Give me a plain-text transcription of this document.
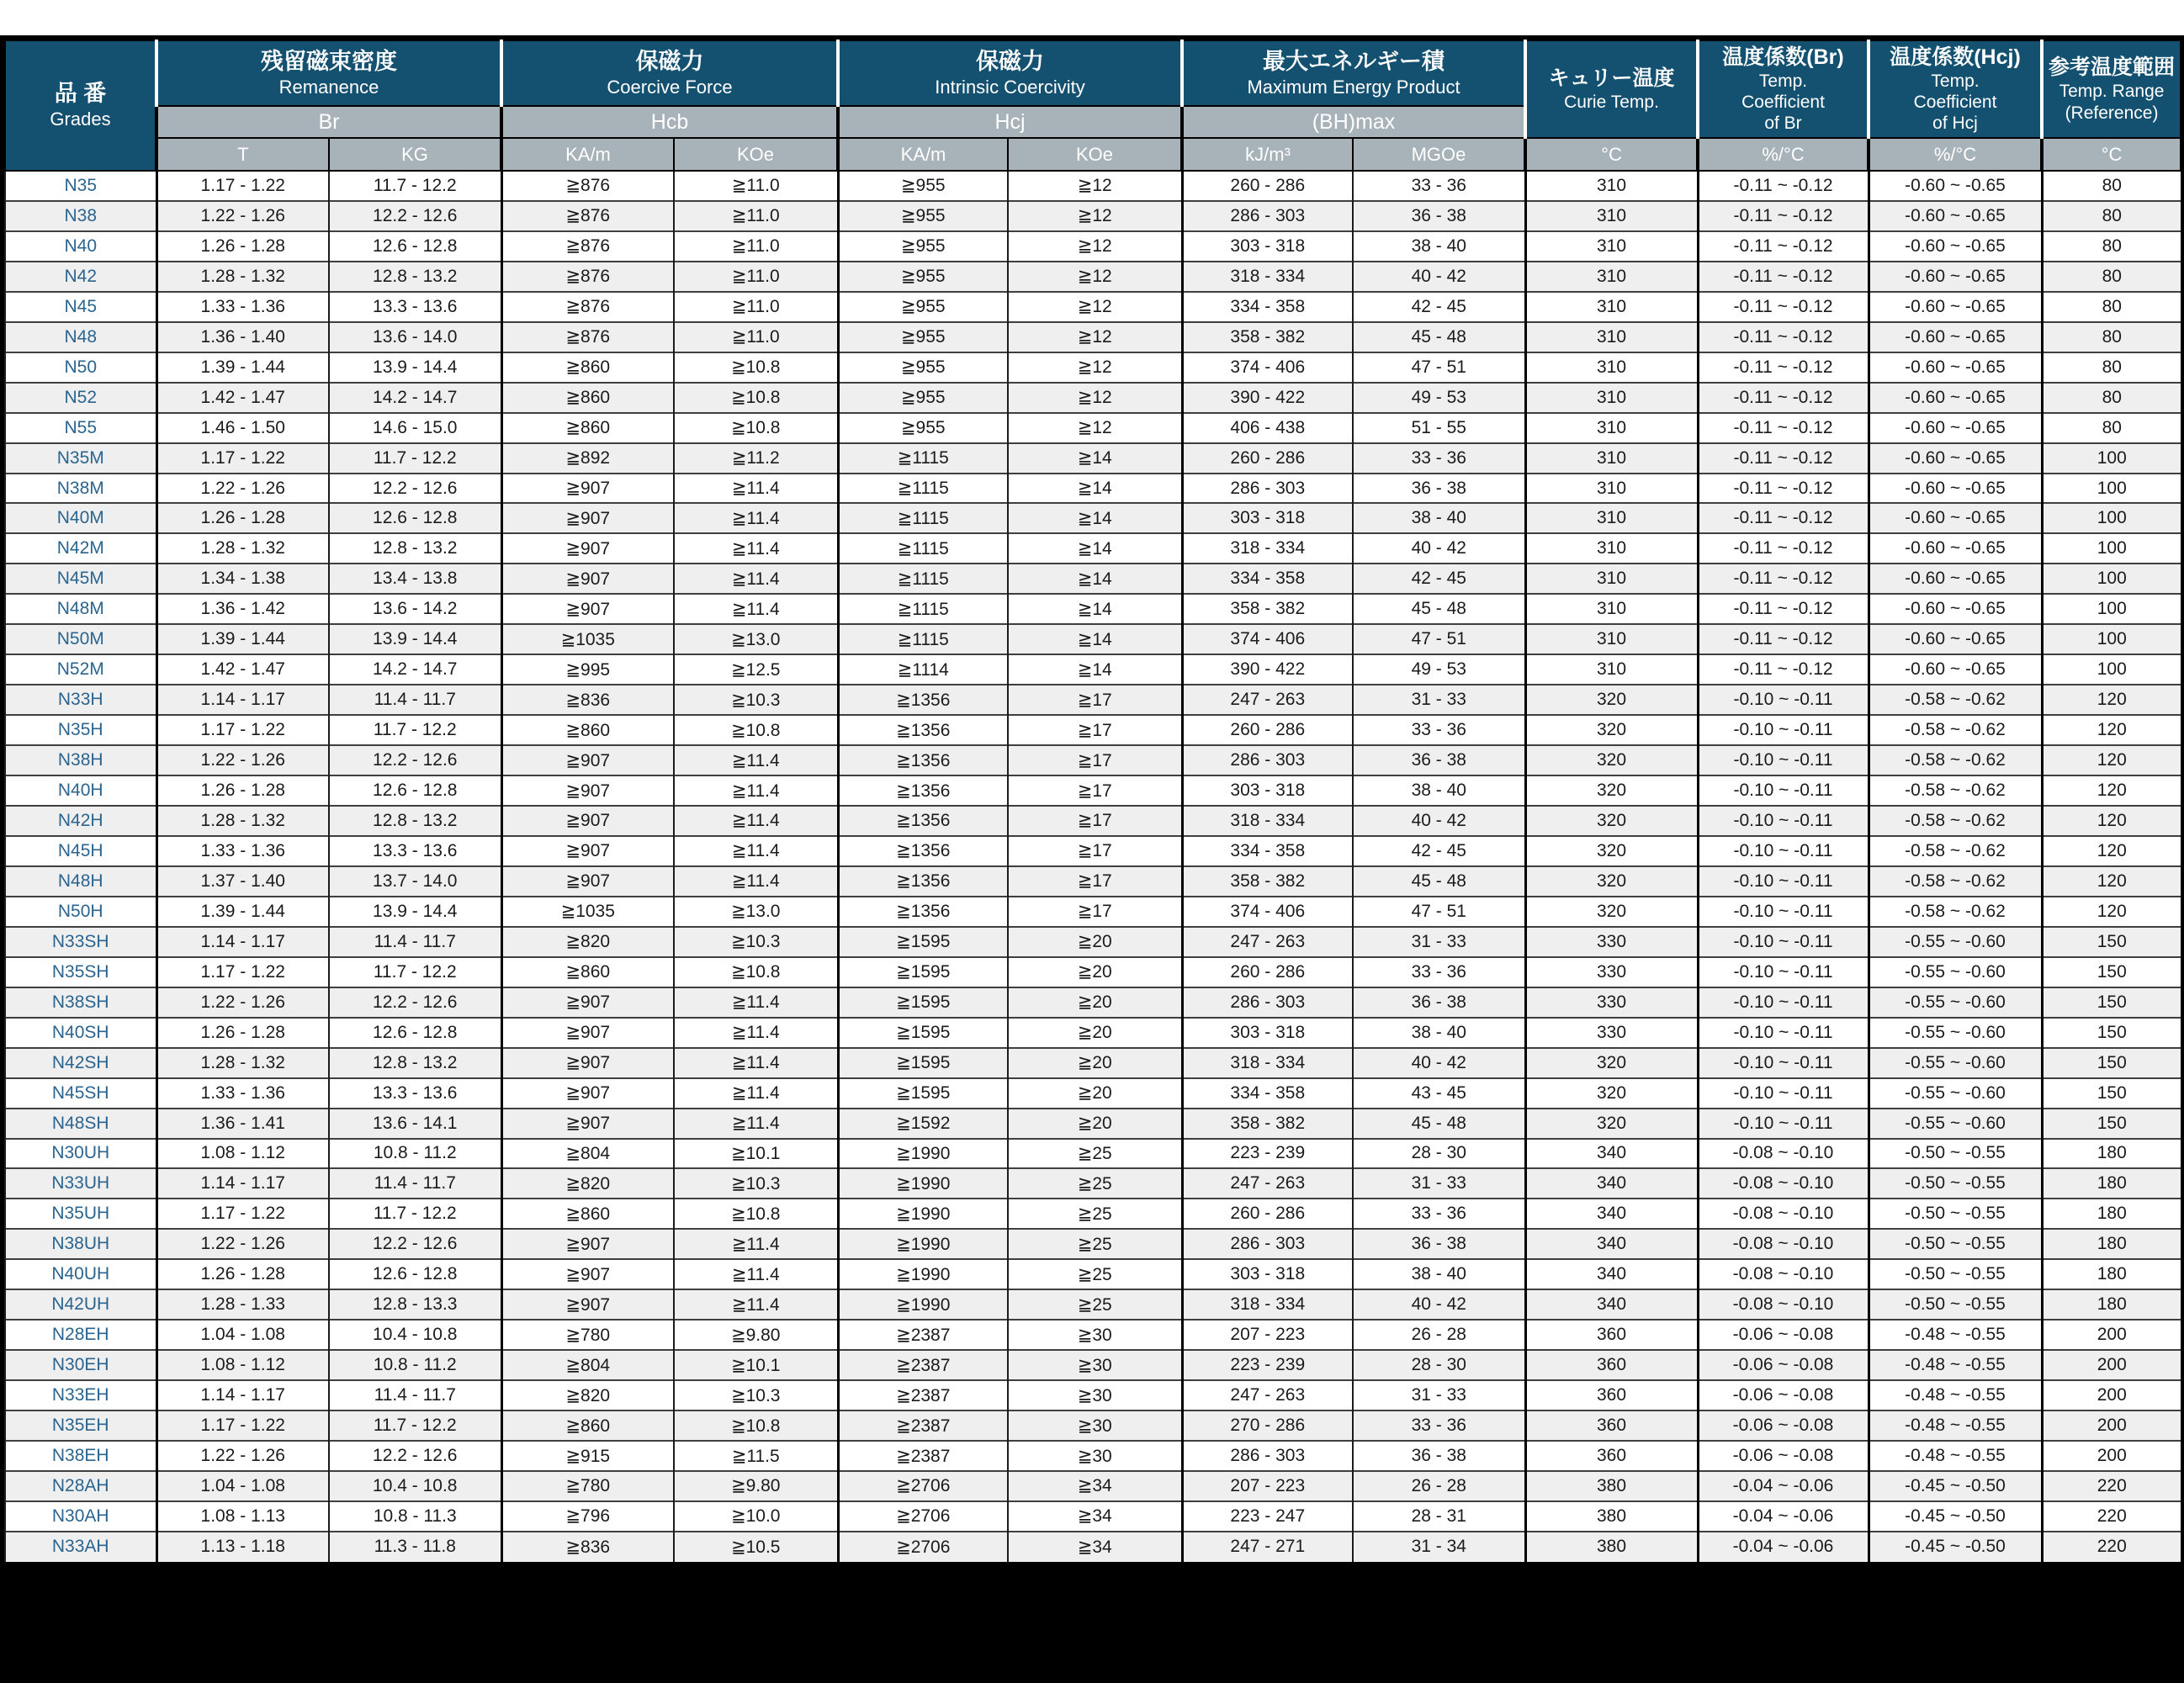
品 番
Grades	残留磁束密度
Remanence		保磁力
Coercive Force		保磁力
Intrinsic Coercivity		最大エネルギー積
Maximum Energy Product		キュリー温度
Curie Temp.	温度係数(Br)
Temp.
Coefficient
of Br	温度係数(Hcj)
Temp.
Coefficient
of Hcj	参考温度範囲
Temp. Range
(Reference)

	Br		Hcb		Hcj		(BH)max					
	T	KG	KA/m	KOe	KA/m	KOe	kJ/m³	MGOe	°C	%/°C	%/°C	°C
N35	1.17 - 1.22	11.7 - 12.2	≧876	≧11.0	≧955	≧12	260 - 286	33 - 36	310	-0.11 ~ -0.12	-0.60 ~ -0.65	80
N38	1.22 - 1.26	12.2 - 12.6	≧876	≧11.0	≧955	≧12	286 - 303	36 - 38	310	-0.11 ~ -0.12	-0.60 ~ -0.65	80
N40	1.26 - 1.28	12.6 - 12.8	≧876	≧11.0	≧955	≧12	303 - 318	38 - 40	310	-0.11 ~ -0.12	-0.60 ~ -0.65	80
N42	1.28 - 1.32	12.8 - 13.2	≧876	≧11.0	≧955	≧12	318 - 334	40 - 42	310	-0.11 ~ -0.12	-0.60 ~ -0.65	80
N45	1.33 - 1.36	13.3 - 13.6	≧876	≧11.0	≧955	≧12	334 - 358	42 - 45	310	-0.11 ~ -0.12	-0.60 ~ -0.65	80
N48	1.36 - 1.40	13.6 - 14.0	≧876	≧11.0	≧955	≧12	358 - 382	45 - 48	310	-0.11 ~ -0.12	-0.60 ~ -0.65	80
N50	1.39 - 1.44	13.9 - 14.4	≧860	≧10.8	≧955	≧12	374 - 406	47 - 51	310	-0.11 ~ -0.12	-0.60 ~ -0.65	80
N52	1.42 - 1.47	14.2 - 14.7	≧860	≧10.8	≧955	≧12	390 - 422	49 - 53	310	-0.11 ~ -0.12	-0.60 ~ -0.65	80
N55	1.46 - 1.50	14.6 - 15.0	≧860	≧10.8	≧955	≧12	406 - 438	51 - 55	310	-0.11 ~ -0.12	-0.60 ~ -0.65	80
N35M	1.17 - 1.22	11.7 - 12.2	≧892	≧11.2	≧1115	≧14	260 - 286	33 - 36	310	-0.11 ~ -0.12	-0.60 ~ -0.65	100
N38M	1.22 - 1.26	12.2 - 12.6	≧907	≧11.4	≧1115	≧14	286 - 303	36 - 38	310	-0.11 ~ -0.12	-0.60 ~ -0.65	100
N40M	1.26 - 1.28	12.6 - 12.8	≧907	≧11.4	≧1115	≧14	303 - 318	38 - 40	310	-0.11 ~ -0.12	-0.60 ~ -0.65	100
N42M	1.28 - 1.32	12.8 - 13.2	≧907	≧11.4	≧1115	≧14	318 - 334	40 - 42	310	-0.11 ~ -0.12	-0.60 ~ -0.65	100
N45M	1.34 - 1.38	13.4 - 13.8	≧907	≧11.4	≧1115	≧14	334 - 358	42 - 45	310	-0.11 ~ -0.12	-0.60 ~ -0.65	100
N48M	1.36 - 1.42	13.6 - 14.2	≧907	≧11.4	≧1115	≧14	358 - 382	45 - 48	310	-0.11 ~ -0.12	-0.60 ~ -0.65	100
N50M	1.39 - 1.44	13.9 - 14.4	≧1035	≧13.0	≧1115	≧14	374 - 406	47 - 51	310	-0.11 ~ -0.12	-0.60 ~ -0.65	100
N52M	1.42 - 1.47	14.2 - 14.7	≧995	≧12.5	≧1114	≧14	390 - 422	49 - 53	310	-0.11 ~ -0.12	-0.60 ~ -0.65	100
N33H	1.14 - 1.17	11.4 - 11.7	≧836	≧10.3	≧1356	≧17	247 - 263	31 - 33	320	-0.10 ~ -0.11	-0.58 ~ -0.62	120
N35H	1.17 - 1.22	11.7 - 12.2	≧860	≧10.8	≧1356	≧17	260 - 286	33 - 36	320	-0.10 ~ -0.11	-0.58 ~ -0.62	120
N38H	1.22 - 1.26	12.2 - 12.6	≧907	≧11.4	≧1356	≧17	286 - 303	36 - 38	320	-0.10 ~ -0.11	-0.58 ~ -0.62	120
N40H	1.26 - 1.28	12.6 - 12.8	≧907	≧11.4	≧1356	≧17	303 - 318	38 - 40	320	-0.10 ~ -0.11	-0.58 ~ -0.62	120
N42H	1.28 - 1.32	12.8 - 13.2	≧907	≧11.4	≧1356	≧17	318 - 334	40 - 42	320	-0.10 ~ -0.11	-0.58 ~ -0.62	120
N45H	1.33 - 1.36	13.3 - 13.6	≧907	≧11.4	≧1356	≧17	334 - 358	42 - 45	320	-0.10 ~ -0.11	-0.58 ~ -0.62	120
N48H	1.37 - 1.40	13.7 - 14.0	≧907	≧11.4	≧1356	≧17	358 - 382	45 - 48	320	-0.10 ~ -0.11	-0.58 ~ -0.62	120
N50H	1.39 - 1.44	13.9 - 14.4	≧1035	≧13.0	≧1356	≧17	374 - 406	47 - 51	320	-0.10 ~ -0.11	-0.58 ~ -0.62	120
N33SH	1.14 - 1.17	11.4 - 11.7	≧820	≧10.3	≧1595	≧20	247 - 263	31 - 33	330	-0.10 ~ -0.11	-0.55 ~ -0.60	150
N35SH	1.17 - 1.22	11.7 - 12.2	≧860	≧10.8	≧1595	≧20	260 - 286	33 - 36	330	-0.10 ~ -0.11	-0.55 ~ -0.60	150
N38SH	1.22 - 1.26	12.2 - 12.6	≧907	≧11.4	≧1595	≧20	286 - 303	36 - 38	330	-0.10 ~ -0.11	-0.55 ~ -0.60	150
N40SH	1.26 - 1.28	12.6 - 12.8	≧907	≧11.4	≧1595	≧20	303 - 318	38 - 40	330	-0.10 ~ -0.11	-0.55 ~ -0.60	150
N42SH	1.28 - 1.32	12.8 - 13.2	≧907	≧11.4	≧1595	≧20	318 - 334	40 - 42	320	-0.10 ~ -0.11	-0.55 ~ -0.60	150
N45SH	1.33 - 1.36	13.3 - 13.6	≧907	≧11.4	≧1595	≧20	334 - 358	43 - 45	320	-0.10 ~ -0.11	-0.55 ~ -0.60	150
N48SH	1.36 - 1.41	13.6 - 14.1	≧907	≧11.4	≧1592	≧20	358 - 382	45 - 48	320	-0.10 ~ -0.11	-0.55 ~ -0.60	150
N30UH	1.08 - 1.12	10.8 - 11.2	≧804	≧10.1	≧1990	≧25	223 - 239	28 - 30	340	-0.08 ~ -0.10	-0.50 ~ -0.55	180
N33UH	1.14 - 1.17	11.4 - 11.7	≧820	≧10.3	≧1990	≧25	247 - 263	31 - 33	340	-0.08 ~ -0.10	-0.50 ~ -0.55	180
N35UH	1.17 - 1.22	11.7 - 12.2	≧860	≧10.8	≧1990	≧25	260 - 286	33 - 36	340	-0.08 ~ -0.10	-0.50 ~ -0.55	180
N38UH	1.22 - 1.26	12.2 - 12.6	≧907	≧11.4	≧1990	≧25	286 - 303	36 - 38	340	-0.08 ~ -0.10	-0.50 ~ -0.55	180
N40UH	1.26 - 1.28	12.6 - 12.8	≧907	≧11.4	≧1990	≧25	303 - 318	38 - 40	340	-0.08 ~ -0.10	-0.50 ~ -0.55	180
N42UH	1.28 - 1.33	12.8 - 13.3	≧907	≧11.4	≧1990	≧25	318 - 334	40 - 42	340	-0.08 ~ -0.10	-0.50 ~ -0.55	180
N28EH	1.04 - 1.08	10.4 - 10.8	≧780	≧9.80	≧2387	≧30	207 - 223	26 - 28	360	-0.06 ~ -0.08	-0.48 ~ -0.55	200
N30EH	1.08 - 1.12	10.8 - 11.2	≧804	≧10.1	≧2387	≧30	223 - 239	28 - 30	360	-0.06 ~ -0.08	-0.48 ~ -0.55	200
N33EH	1.14 - 1.17	11.4 - 11.7	≧820	≧10.3	≧2387	≧30	247 - 263	31 - 33	360	-0.06 ~ -0.08	-0.48 ~ -0.55	200
N35EH	1.17 - 1.22	11.7 - 12.2	≧860	≧10.8	≧2387	≧30	270 - 286	33 - 36	360	-0.06 ~ -0.08	-0.48 ~ -0.55	200
N38EH	1.22 - 1.26	12.2 - 12.6	≧915	≧11.5	≧2387	≧30	286 - 303	36 - 38	360	-0.06 ~ -0.08	-0.48 ~ -0.55	200
N28AH	1.04 - 1.08	10.4 - 10.8	≧780	≧9.80	≧2706	≧34	207 - 223	26 - 28	380	-0.04 ~ -0.06	-0.45 ~ -0.50	220
N30AH	1.08 - 1.13	10.8 - 11.3	≧796	≧10.0	≧2706	≧34	223 - 247	28 - 31	380	-0.04 ~ -0.06	-0.45 ~ -0.50	220
N33AH	1.13 - 1.18	11.3 - 11.8	≧836	≧10.5	≧2706	≧34	247 - 271	31 - 34	380	-0.04 ~ -0.06	-0.45 ~ -0.50	220
